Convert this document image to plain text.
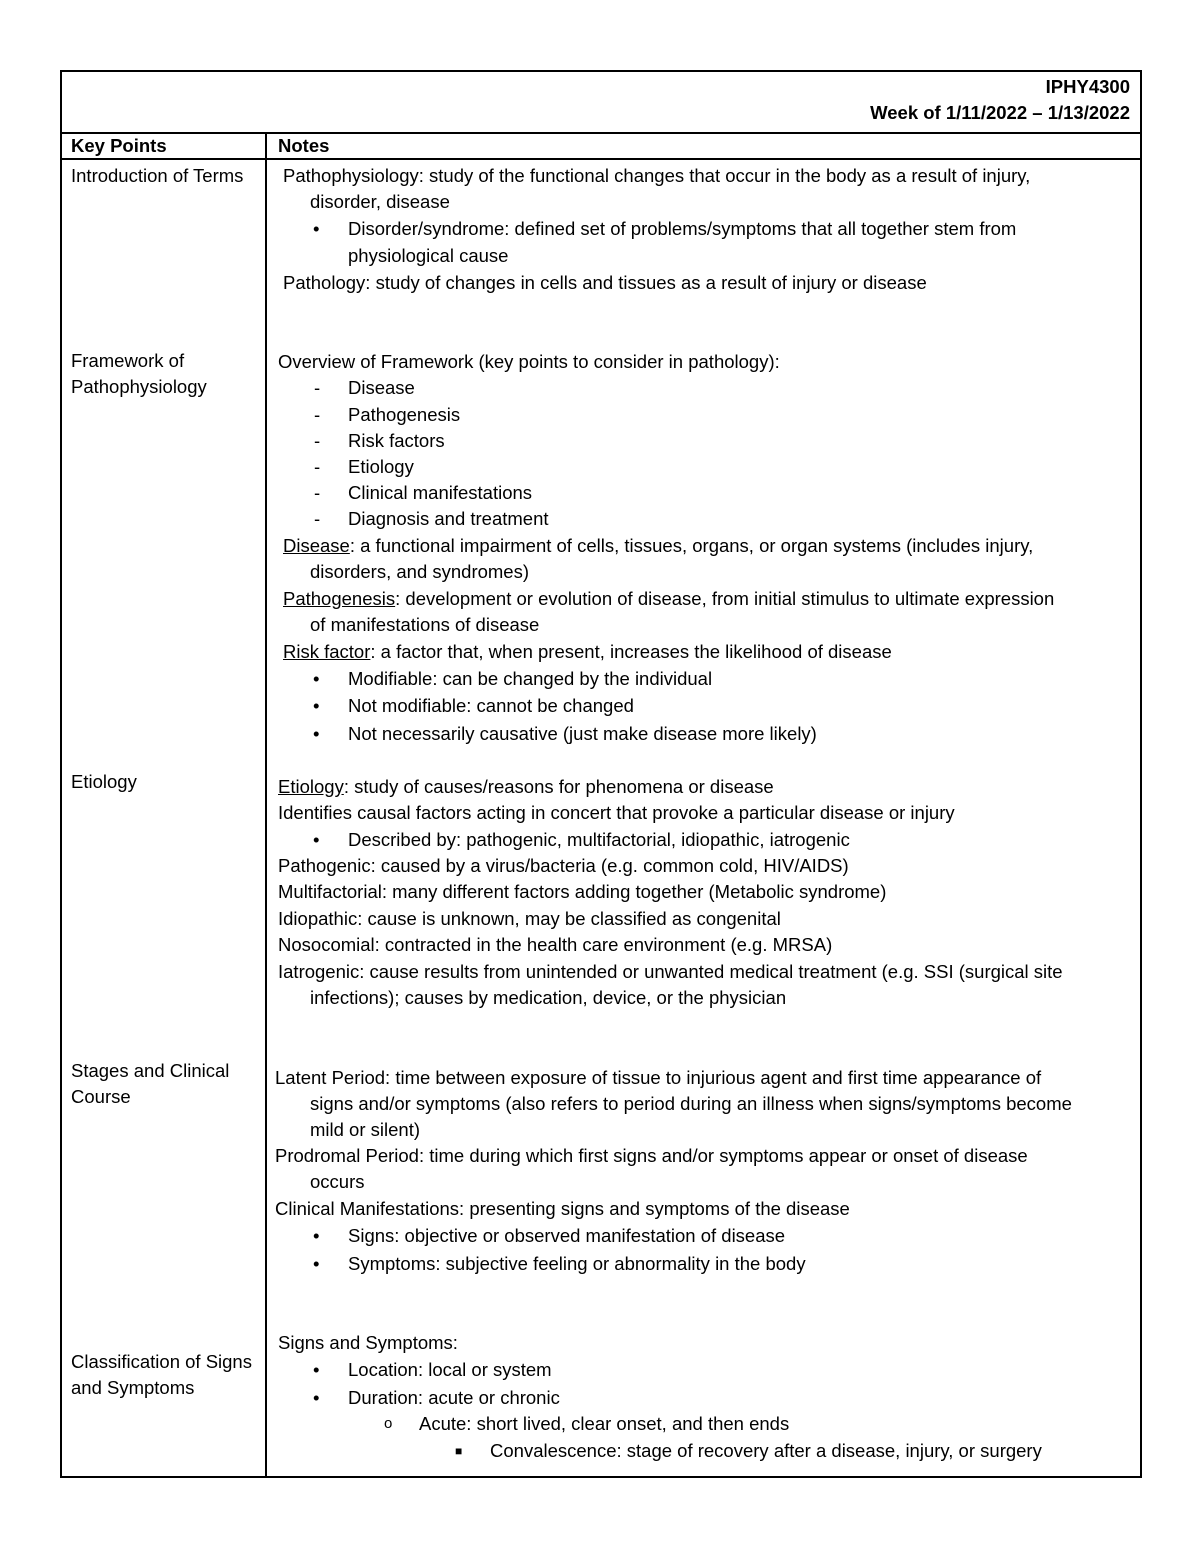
IPHY4300
Week of 1/11/2022 – 1/13/2022
Key Points	Notes
Introduction of Terms
Framework of Pathophysiology
Etiology
Stages and Clinical Course
Classification of Signs and Symptoms
Pathophysiology: study of the functional changes that occur in the body as a result of injury,
disorder, disease
• Disorder/syndrome: defined set of problems/symptoms that all together stem from
physiological cause
Pathology: study of changes in cells and tissues as a result of injury or disease
Overview of Framework (key points to consider in pathology):
- Disease
- Pathogenesis
- Risk factors
- Etiology
- Clinical manifestations
- Diagnosis and treatment
Disease: a functional impairment of cells, tissues, organs, or organ systems (includes injury,
disorders, and syndromes)
Pathogenesis: development or evolution of disease, from initial stimulus to ultimate expression
of manifestations of disease
Risk factor: a factor that, when present, increases the likelihood of disease
• Modifiable: can be changed by the individual
• Not modifiable: cannot be changed
• Not necessarily causative (just make disease more likely)
Etiology: study of causes/reasons for phenomena or disease
Identifies causal factors acting in concert that provoke a particular disease or injury
• Described by: pathogenic, multifactorial, idiopathic, iatrogenic
Pathogenic: caused by a virus/bacteria (e.g. common cold, HIV/AIDS)
Multifactorial: many different factors adding together (Metabolic syndrome)
Idiopathic: cause is unknown, may be classified as congenital
Nosocomial: contracted in the health care environment (e.g. MRSA)
Iatrogenic: cause results from unintended or unwanted medical treatment (e.g. SSI (surgical site
infections); causes by medication, device, or the physician
Latent Period: time between exposure of tissue to injurious agent and first time appearance of
signs and/or symptoms (also refers to period during an illness when signs/symptoms become
mild or silent)
Prodromal Period: time during which first signs and/or symptoms appear or onset of disease
occurs
Clinical Manifestations: presenting signs and symptoms of the disease
• Signs: objective or observed manifestation of disease
• Symptoms: subjective feeling or abnormality in the body
Signs and Symptoms:
• Location: local or system
• Duration: acute or chronic
o Acute: short lived, clear onset, and then ends
■ Convalescence: stage of recovery after a disease, injury, or surgery
